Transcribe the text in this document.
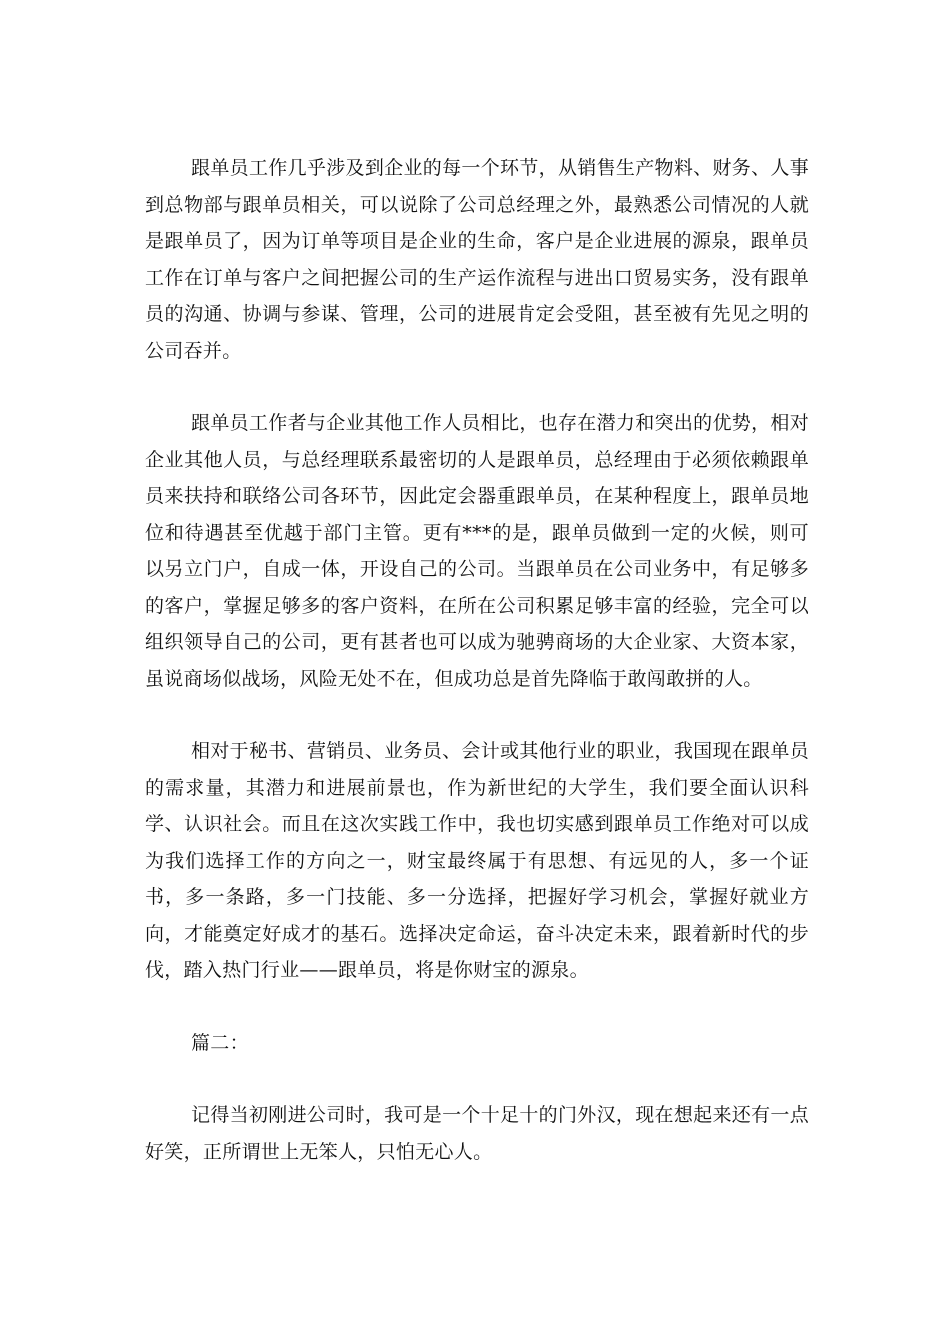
跟单员工作几乎涉及到企业的每一个环节，从销售生产物料、财务、人事到总物部与跟单员相关，可以说除了公司总经理之外，最熟悉公司情况的人就是跟单员了，因为订单等项目是企业的生命，客户是企业进展的源泉，跟单员工作在订单与客户之间把握公司的生产运作流程与进出口贸易实务，没有跟单员的沟通、协调与参谋、管理，公司的进展肯定会受阻，甚至被有先见之明的公司吞并。

跟单员工作者与企业其他工作人员相比，也存在潜力和突出的优势，相对企业其他人员，与总经理联系最密切的人是跟单员，总经理由于必须依赖跟单员来扶持和联络公司各环节，因此定会器重跟单员，在某种程度上，跟单员地位和待遇甚至优越于部门主管。更有***的是，跟单员做到一定的火候，则可以另立门户，自成一体，开设自己的公司。当跟单员在公司业务中，有足够多的客户，掌握足够多的客户资料，在所在公司积累足够丰富的经验，完全可以组织领导自己的公司，更有甚者也可以成为驰骋商场的大企业家、大资本家，虽说商场似战场，风险无处不在，但成功总是首先降临于敢闯敢拼的人。

相对于秘书、营销员、业务员、会计或其他行业的职业，我国现在跟单员的需求量，其潜力和进展前景也，作为新世纪的大学生，我们要全面认识科学、认识社会。而且在这次实践工作中，我也切实感到跟单员工作绝对可以成为我们选择工作的方向之一，财宝最终属于有思想、有远见的人，多一个证书，多一条路，多一门技能、多一分选择，把握好学习机会，掌握好就业方向，才能奠定好成才的基石。选择决定命运，奋斗决定未来，跟着新时代的步伐，踏入热门行业——跟单员，将是你财宝的源泉。

篇二：

记得当初刚进公司时，我可是一个十足十的门外汉，现在想起来还有一点好笑，正所谓世上无笨人，只怕无心人。
